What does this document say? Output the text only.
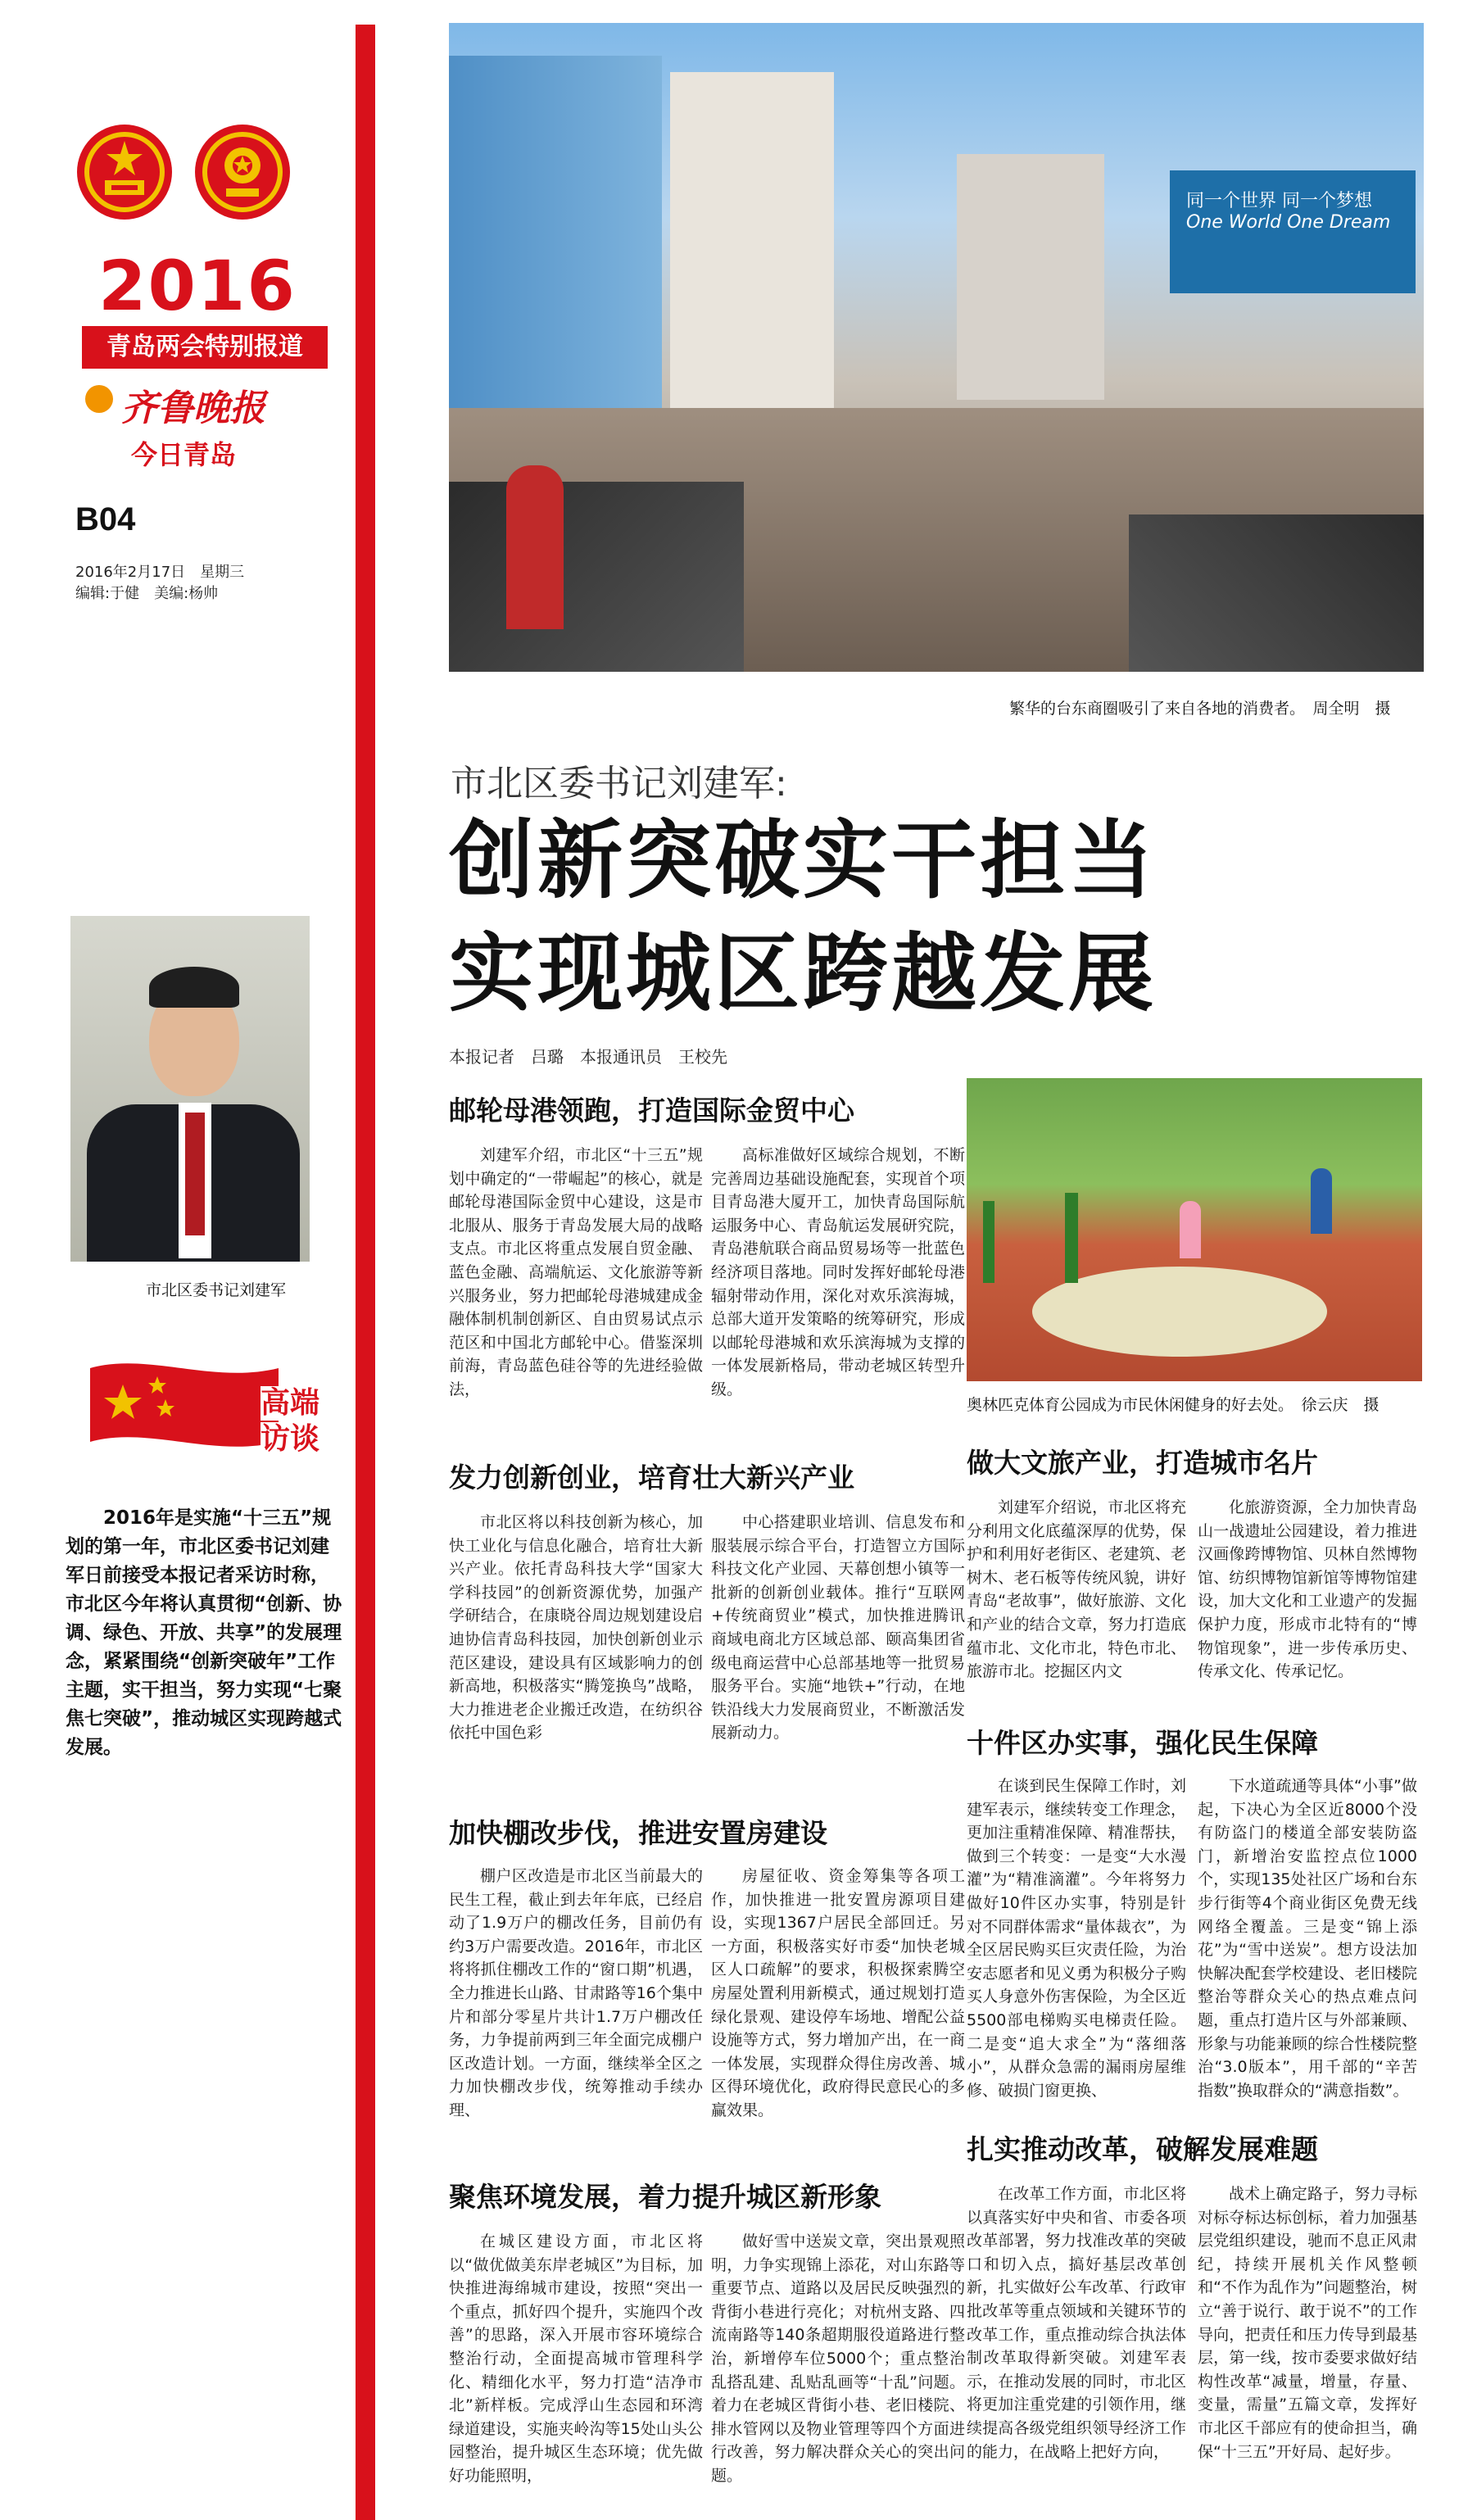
2016
青岛两会特别报道
齐鲁晚报
今日青岛
B04
2016年2月17日　星期三
编辑:于健　美编:杨帅
同一个世界 同一个梦想
One World One Dream
繁华的台东商圈吸引了来自各地的消费者。　周全明　摄
市北区委书记刘建军:
创新突破实干担当
实现城区跨越发展
本报记者　吕璐　本报通讯员　王校先
市北区委书记刘建军
高端
访谈
2016年是实施“十三五”规划的第一年，市北区委书记刘建军日前接受本报记者采访时称，市北区今年将认真贯彻“创新、协调、绿色、开放、共享”的发展理念，紧紧围绕“创新突破年”工作主题，实干担当，努力实现“七聚焦七突破”，推动城区实现跨越式发展。
邮轮母港领跑，打造国际金贸中心
刘建军介绍，市北区“十三五”规划中确定的“一带崛起”的核心，就是邮轮母港国际金贸中心建设，这是市北服从、服务于青岛发展大局的战略支点。市北区将重点发展自贸金融、蓝色金融、高端航运、文化旅游等新兴服务业，努力把邮轮母港城建成金融体制机制创新区、自由贸易试点示范区和中国北方邮轮中心。借鉴深圳前海，青岛蓝色硅谷等的先进经验做法，
高标准做好区域综合规划，不断完善周边基础设施配套，实现首个项目青岛港大厦开工，加快青岛国际航运服务中心、青岛航运发展研究院，青岛港航联合商品贸易场等一批蓝色经济项目落地。同时发挥好邮轮母港辐射带动作用，深化对欢乐滨海城，总部大道开发策略的统筹研究，形成以邮轮母港城和欢乐滨海城为支撑的一体发展新格局，带动老城区转型升级。
奥林匹克体育公园成为市民休闲健身的好去处。　徐云庆　摄
发力创新创业，培育壮大新兴产业
市北区将以科技创新为核心，加快工业化与信息化融合，培育壮大新兴产业。依托青岛科技大学“国家大学科技园”的创新资源优势，加强产学研结合，在康晓谷周边规划建设启迪协信青岛科技园，加快创新创业示范区建设，建设具有区域影响力的创新高地，积极落实“腾笼换鸟”战略，大力推进老企业搬迁改造，在纺织谷依托中国色彩
中心搭建职业培训、信息发布和服装展示综合平台，打造智立方国际科技文化产业园、天幕创想小镇等一批新的创新创业载体。推行“互联网+传统商贸业”模式，加快推进腾讯商域电商北方区域总部、颐高集团省级电商运营中心总部基地等一批贸易服务平台。实施“地铁+”行动，在地铁沿线大力发展商贸业，不断激活发展新动力。
加快棚改步伐，推进安置房建设
棚户区改造是市北区当前最大的民生工程，截止到去年年底，已经启动了1.9万户的棚改任务，目前仍有约3万户需要改造。2016年，市北区将将抓住棚改工作的“窗口期”机遇，全力推进长山路、甘肃路等16个集中片和部分零星片共计1.7万户棚改任务，力争提前两到三年全面完成棚户区改造计划。一方面，继续举全区之力加快棚改步伐，统筹推动手续办理、
房屋征收、资金筹集等各项工作，加快推进一批安置房源项目建设，实现1367户居民全部回迁。另一方面，积极落实好市委“加快老城区人口疏解”的要求，积极探索腾空房屋处置利用新模式，通过规划打造绿化景观、建设停车场地、增配公益设施等方式，努力增加产出，在一商一体发展，实现群众得住房改善、城区得环境优化，政府得民意民心的多赢效果。
聚焦环境发展，着力提升城区新形象
在城区建设方面，市北区将以“做优做美东岸老城区”为目标，加快推进海绵城市建设，按照“突出一个重点，抓好四个提升，实施四个改善”的思路，深入开展市容环境综合整治行动，全面提高城市管理科学化、精细化水平，努力打造“洁净市北”新样板。完成浮山生态园和环湾绿道建设，实施夹岭沟等15处山头公园整治，提升城区生态环境；优先做好功能照明，
做好雪中送炭文章，突出景观照明，力争实现锦上添花，对山东路等重要节点、道路以及居民反映强烈的背街小巷进行亮化；对杭州支路、四流南路等140条超期服役道路进行整治，新增停车位5000个；重点整治乱搭乱建、乱贴乱画等“十乱”问题。着力在老城区背街小巷、老旧楼院、排水管网以及物业管理等四个方面进行改善，努力解决群众关心的突出问题。
做大文旅产业，打造城市名片
刘建军介绍说，市北区将充分利用文化底蕴深厚的优势，保护和利用好老街区、老建筑、老树木、老石板等传统风貌，讲好青岛“老故事”，做好旅游、文化和产业的结合文章，努力打造底蕴市北、文化市北，特色市北、旅游市北。挖掘区内文
化旅游资源，全力加快青岛山一战遗址公园建设，着力推进汉画像跨博物馆、贝林自然博物馆、纺织博物馆新馆等博物馆建设，加大文化和工业遗产的发掘保护力度，形成市北特有的“博物馆现象”，进一步传承历史、传承文化、传承记忆。
十件区办实事，强化民生保障
在谈到民生保障工作时，刘建军表示，继续转变工作理念，更加注重精准保障、精准帮扶，做到三个转变：一是变“大水漫灌”为“精准滴灌”。今年将努力做好10件区办实事，特别是针对不同群体需求“量体裁衣”，为全区居民购买巨灾责任险，为治安志愿者和见义勇为积极分子购买人身意外伤害保险，为全区近5500部电梯购买电梯责任险。二是变“追大求全”为“落细落小”，从群众急需的漏雨房屋维修、破损门窗更换、
下水道疏通等具体“小事”做起，下决心为全区近8000个没有防盗门的楼道全部安装防盗门，新增治安监控点位1000个，实现135处社区广场和台东步行街等4个商业街区免费无线网络全覆盖。三是变“锦上添花”为“雪中送炭”。想方设法加快解决配套学校建设、老旧楼院整治等群众关心的热点难点问题，重点打造片区与外部兼顾、形象与功能兼顾的综合性楼院整治“3.0版本”，用千部的“辛苦指数”换取群众的“满意指数”。
扎实推动改革，破解发展难题
在改革工作方面，市北区将以真落实好中央和省、市委各项改革部署，努力找准改革的突破口和切入点，搞好基层改革创新，扎实做好公车改革、行政审批改革等重点领域和关键环节的改革工作，重点推动综合执法体制改革取得新突破。刘建军表示，在推动发展的同时，市北区将更加注重党建的引领作用，继续提高各级党组织领导经济工作的能力，在战略上把好方向，
战术上确定路子，努力寻标对标夺标达标创标，着力加强基层党组织建设，驰而不息正风肃纪，持续开展机关作风整顿和“不作为乱作为”问题整治，树立“善于说行、敢于说不”的工作导向，把责任和压力传导到最基层，第一线，按市委要求做好结构性改革“减量，增量，存量、变量，需量”五篇文章，发挥好市北区千部应有的使命担当，确保“十三五”开好局、起好步。
